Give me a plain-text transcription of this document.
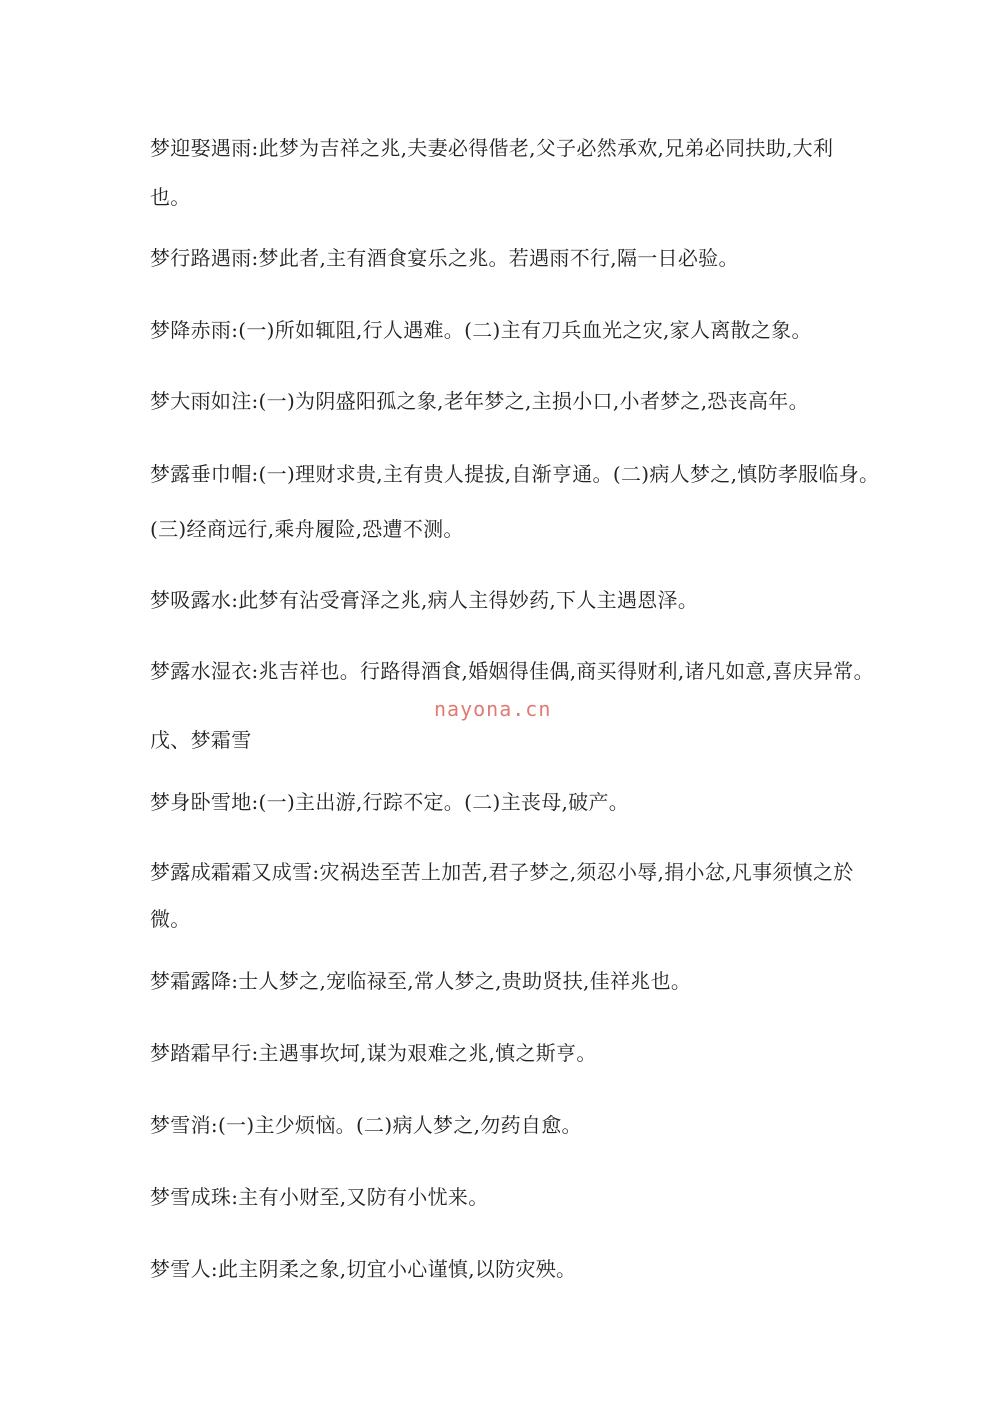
梦迎娶遇雨:此梦为吉祥之兆,夫妻必得偕老,父子必然承欢,兄弟必同扶助,大利
也。
梦行路遇雨:梦此者,主有酒食宴乐之兆。若遇雨不行,隔一日必验。
梦降赤雨:(一)所如辄阻,行人遇难。(二)主有刀兵血光之灾,家人离散之象。
梦大雨如注:(一)为阴盛阳孤之象,老年梦之,主损小口,小者梦之,恐丧高年。
梦露垂巾帽:(一)理财求贵,主有贵人提拔,自渐亨通。(二)病人梦之,慎防孝服临身。
(三)经商远行,乘舟履险,恐遭不测。
梦吸露水:此梦有沾受膏泽之兆,病人主得妙药,下人主遇恩泽。
梦露水湿衣:兆吉祥也。行路得酒食,婚姻得佳偶,商买得财利,诸凡如意,喜庆异常。
nayona.cn
戊、梦霜雪
梦身卧雪地:(一)主出游,行踪不定。(二)主丧母,破产。
梦露成霜霜又成雪:灾祸迭至苦上加苦,君子梦之,须忍小辱,捐小忿,凡事须慎之於
微。
梦霜露降:士人梦之,宠临禄至,常人梦之,贵助贤扶,佳祥兆也。
梦踏霜早行:主遇事坎坷,谋为艰难之兆,慎之斯亨。
梦雪消:(一)主少烦恼。(二)病人梦之,勿药自愈。
梦雪成珠:主有小财至,又防有小忧来。
梦雪人:此主阴柔之象,切宜小心谨慎,以防灾殃。
